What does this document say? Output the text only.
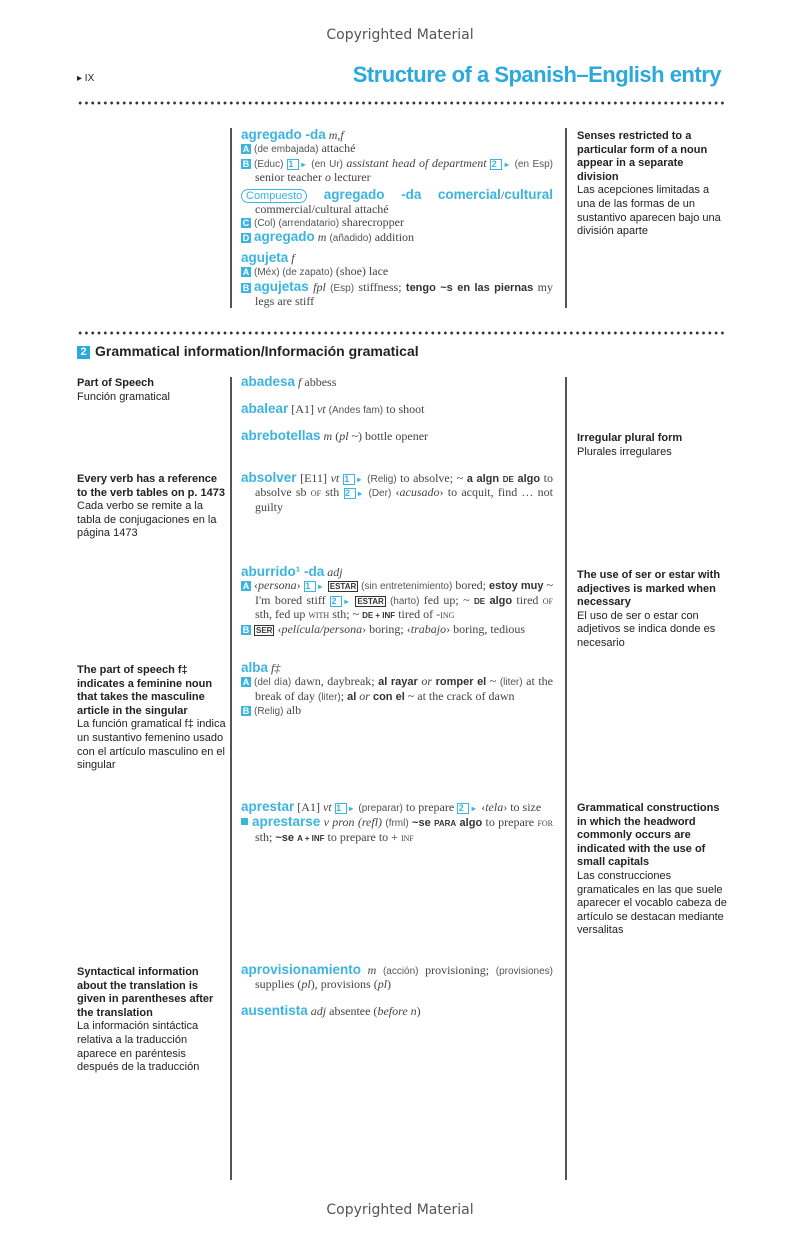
Copyrighted Material
▸ IX	Structure of a Spanish–English entry
2 Grammatical information/Información gramatical
Part of Speech
Función gramatical
Every verb has a reference to the verb tables on p. 1473
Cada verbo se remite a la tabla de conjugaciones en la página 1473
The part of speech f‡ indicates a feminine noun that takes the masculine article in the singular
La función gramatical f‡ indica un sustantivo femenino usado con el artículo masculino en el singular
Syntactical information about the translation is given in parentheses after the translation
La información sintáctica relativa a la traducción aparece en paréntesis después de la traducción
Senses restricted to a particular form of a noun appear in a separate division
Las acepciones limitadas a una de las formas de un sustantivo aparecen bajo una división aparte
Irregular plural form
Plurales irregulares
The use of ser or estar with adjectives is marked when necessary
El uso de ser o estar con adjetivos se indica donde es necesario
Grammatical constructions in which the headword commonly occurs are indicated with the use of small capitals
Las construcciones gramaticales en las que suele aparecer el vocablo cabeza de artículo se destacan mediante versalitas

agregado -da m,f

A (de embajada) attaché

B (Educ) 1 ▸ (en Ur) assistant head of department 2 ▸ (en Esp) senior teacher o lecturer

Compuesto agregado -da comercial/cultural commercial/cultural attaché

C (Col) (arrendatario) sharecropper

D agregado m (añadido) addition

agujeta f

A (Méx) (de zapato) (shoe) lace

B agujetas fpl (Esp) stiffness; tengo ~s en las piernas my legs are stiff

abadesa f abbess

abalear [A1] vt (Andes fam) to shoot

abrebotellas m (pl ~) bottle opener

absolver [E11] vt 1 ▸ (Relig) to absolve; ~ a algn DE algo to absolve sb of sth 2 ▸ (Der) ‹acusado› to acquit, find … not guilty

aburrido¹ -da adj

A ‹persona› 1 ▸ ESTAR (sin entretenimiento) bored; estoy muy ~ I'm bored stiff 2 ▸	ESTAR (harto) fed up; ~ DE algo tired of sth, fed up with sth; ~ DE + INF tired of -ing

B SER ‹película/persona› boring; ‹trabajo› boring, tedious

alba f‡

A (del día) dawn, daybreak; al rayar or romper el ~ (liter) at the break of day (liter); al or con el ~ at the crack of dawn

B (Relig) alb

aprestar [A1] vt 1 ▸ (preparar) to prepare 2 ▸ ‹tela› to size

aprestarse v pron (refl) (frml) ~se PARA algo to prepare for sth; ~se A + INF to prepare to + inf

aprovisionamiento m (acción) provisioning; (provisiones) supplies (pl), provisions (pl)

ausentista adj absentee (before n)

Copyrighted Material
